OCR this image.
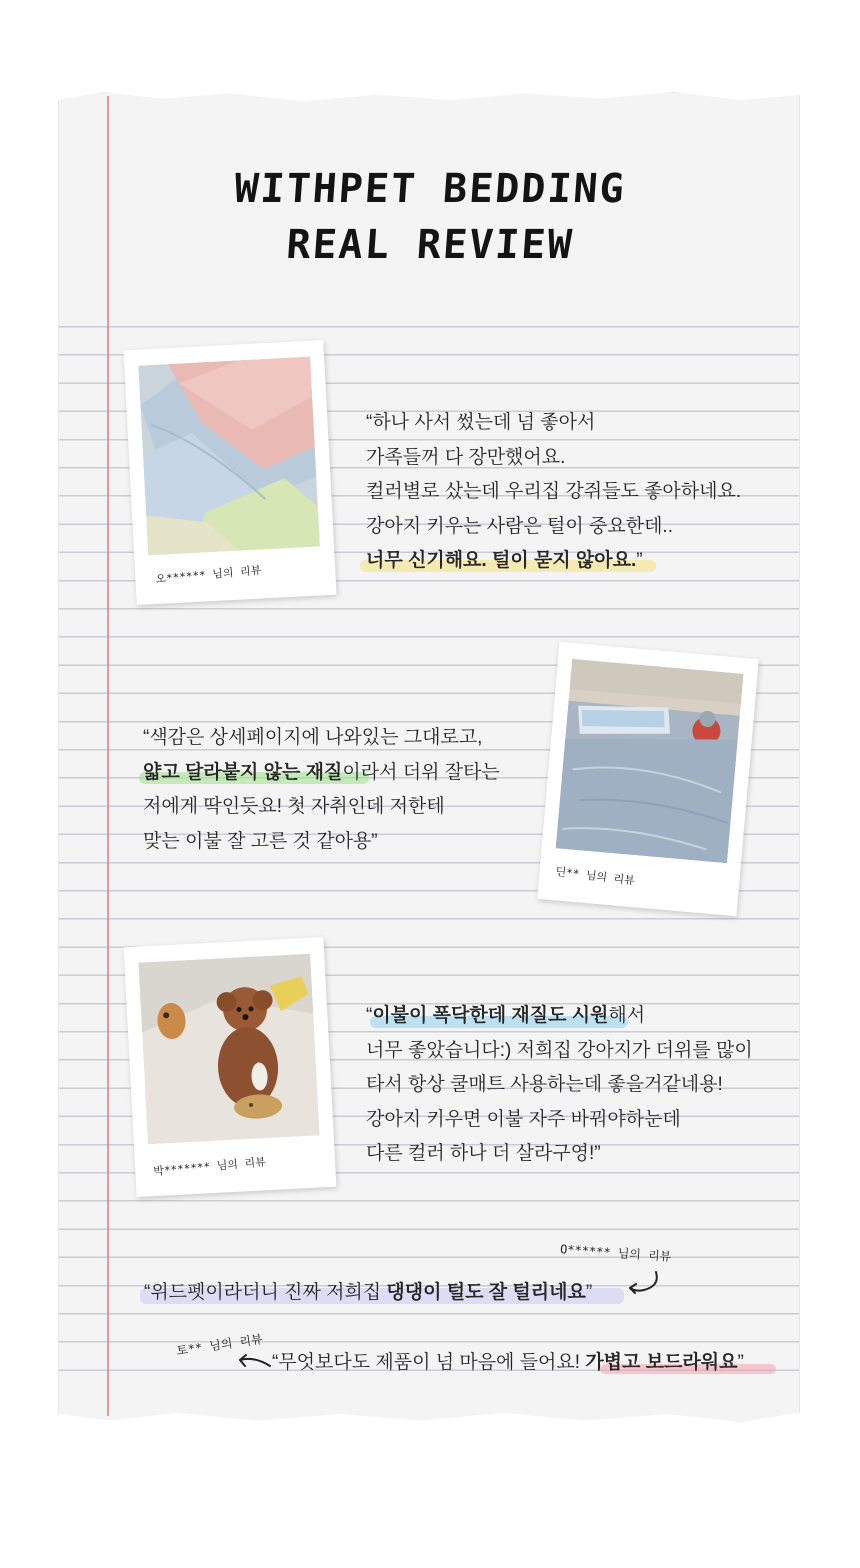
WITHPET BEDDING
REAL REVIEW
오****** 님의 리뷰
“하나 사서 썼는데 넘 좋아서
가족들꺼 다 장만했어요.
컬러별로 샀는데 우리집 강쥐들도 좋아하네요.
강아지 키우는 사람은 털이 중요한데..
너무 신기해요. 털이 묻지 않아요.”
“색감은 상세페이지에 나와있는 그대로고,
얇고 달라붙지 않는 재질이라서 더위 잘타는
저에게 딱인듯요! 첫 자취인데 저한테
맞는 이불 잘 고른 것 같아용”
딘** 님의 리뷰
박******* 님의 리뷰
“이불이 폭닥한데 재질도 시원해서
너무 좋았습니다:) 저희집 강아지가 더위를 많이
타서 항상 쿨매트 사용하는데 좋을거같네용!
강아지 키우면 이불 자주 바꿔야하눈데
다른 컬러 하나 더 살라구영!”
O****** 님의 리뷰
“위드펫이라더니 진짜 저희집 댕댕이 털도 잘 털리네요”
토** 님의 리뷰
“무엇보다도 제품이 넘 마음에 들어요! 가볍고 보드라워요”
